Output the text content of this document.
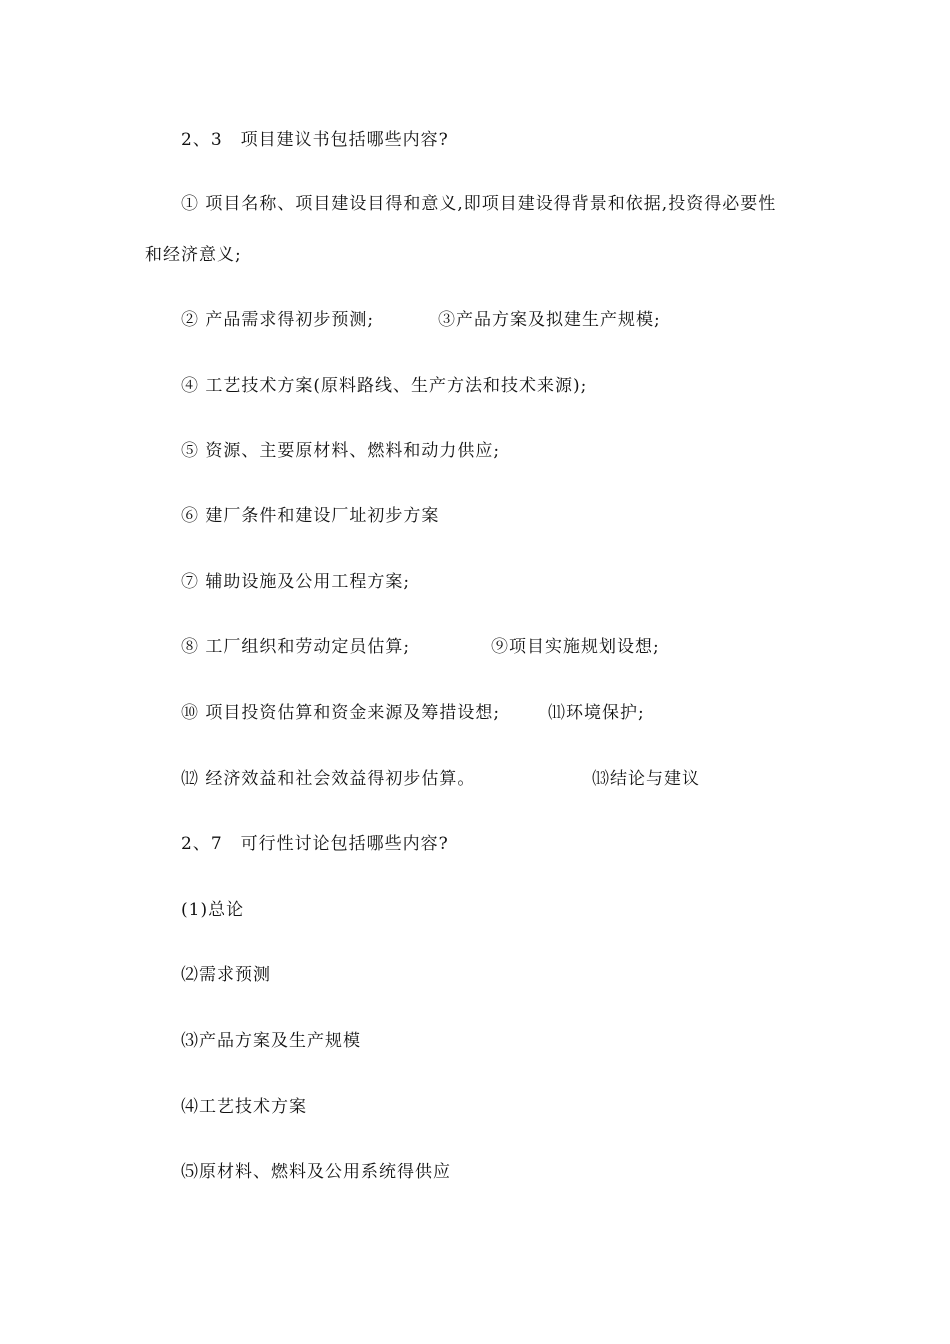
2、3　项目建议书包括哪些内容?
① 项目名称、项目建设目得和意义,即项目建设得背景和依据,投资得必要性
和经济意义;
② 产品需求得初步预测;	③产品方案及拟建生产规模;
④ 工艺技术方案(原料路线、生产方法和技术来源);
⑤ 资源、主要原材料、燃料和动力供应;
⑥ 建厂条件和建设厂址初步方案
⑦ 辅助设施及公用工程方案;
⑧ 工厂组织和劳动定员估算;	⑨项目实施规划设想;
⑩ 项目投资估算和资金来源及筹措设想;	⑾环境保护;
⑿ 经济效益和社会效益得初步估算。	⒀结论与建议
2、7　可行性讨论包括哪些内容?
(1)总论
⑵需求预测
⑶产品方案及生产规模
⑷工艺技术方案
⑸原材料、燃料及公用系统得供应
